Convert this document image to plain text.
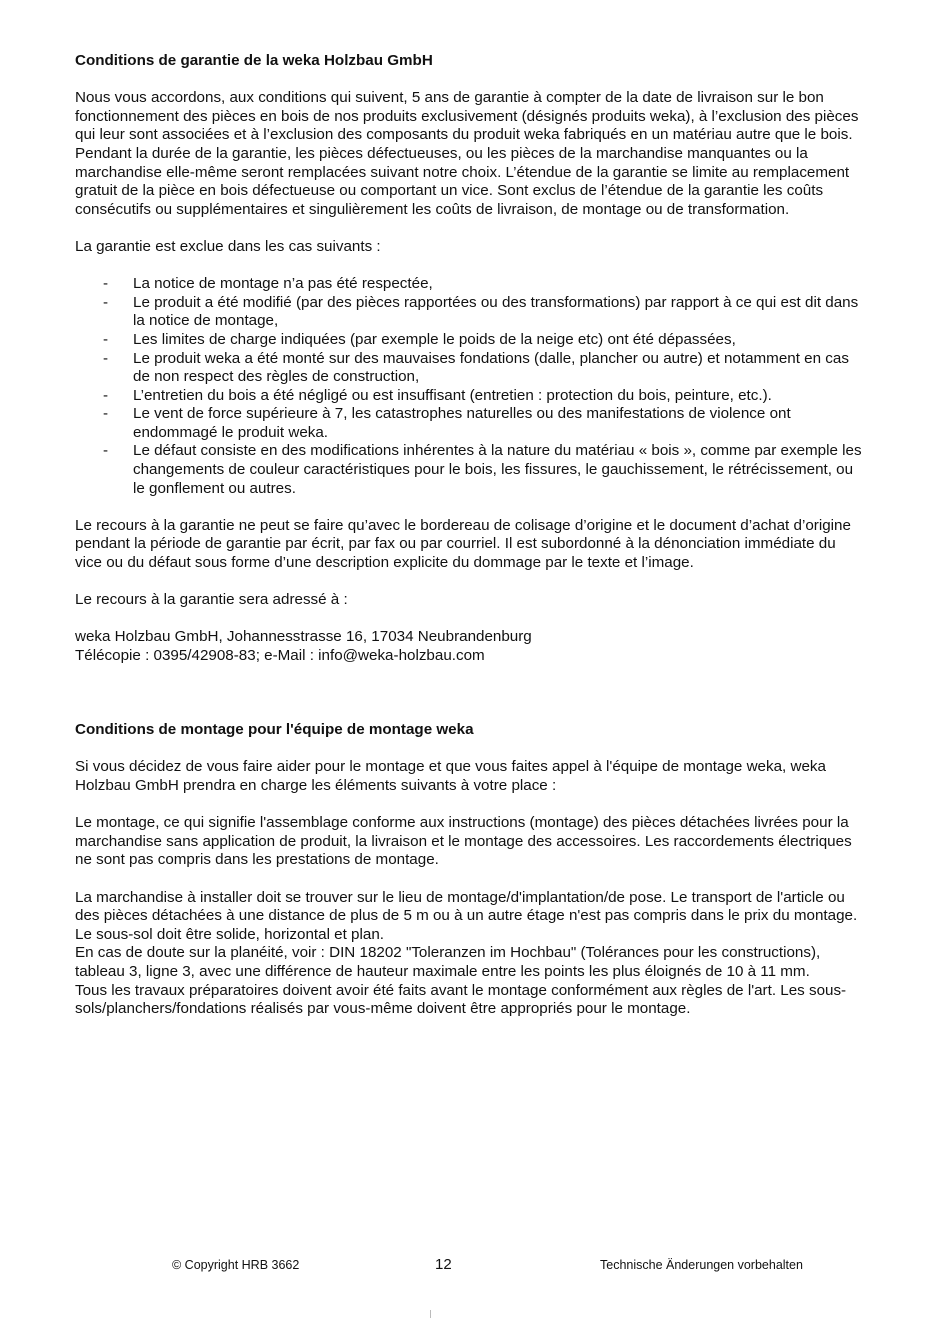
Conditions de garantie de la weka Holzbau GmbH

Nous vous accordons, aux conditions qui suivent, 5 ans de garantie à compter de la date de livraison sur le bon fonctionnement des pièces en bois de nos produits exclusivement (désignés produits weka), à l’exclusion des pièces qui leur sont associées et à l’exclusion des composants du produit weka fabriqués en un matériau autre que le bois. Pendant la durée de la garantie, les pièces défectueuses, ou les pièces de la marchandise manquantes ou la marchandise elle-même seront remplacées suivant notre choix. L’étendue de la garantie se limite au remplacement gratuit de la pièce en bois défectueuse ou comportant un vice. Sont exclus de l’étendue de la garantie les coûts consécutifs ou supplémentaires et singulièrement les coûts de livraison, de montage ou de transformation.

La garantie est exclue dans les cas suivants :

- La notice de montage n’a pas été respectée,
- Le produit a été modifié (par des pièces rapportées ou des transformations) par rapport à ce qui est dit dans la notice de montage,
- Les limites de charge indiquées (par exemple le poids de la neige etc) ont été dépassées,
- Le produit weka a été monté sur des mauvaises fondations (dalle, plancher ou autre) et notamment en cas de non respect des règles de construction,
- L’entretien du bois a été négligé ou est insuffisant (entretien : protection du bois, peinture, etc.).
- Le vent de force supérieure à 7, les catastrophes naturelles ou des manifestations de violence ont endommagé le produit weka.
- Le défaut consiste en des modifications inhérentes à la nature du matériau « bois », comme par exemple les changements de couleur caractéristiques pour le bois, les fissures, le gauchissement, le rétrécissement, ou le gonflement ou autres.

Le recours à la garantie ne peut se faire qu’avec le bordereau de colisage d’origine et le document d’achat d’origine pendant la période de garantie par écrit, par fax ou par courriel. Il est subordonné à la dénonciation immédiate du vice ou du défaut sous forme d’une description explicite du dommage par le texte et l’image.

Le recours à la garantie sera adressé à :

weka Holzbau GmbH, Johannesstrasse 16, 17034 Neubrandenburg
Télécopie : 0395/42908-83; e-Mail : info@weka-holzbau.com

Conditions de montage pour l'équipe de montage weka

Si vous décidez de vous faire aider pour le montage et que vous faites appel à l'équipe de montage weka, weka Holzbau GmbH prendra en charge les éléments suivants à votre place :

Le montage, ce qui signifie l'assemblage conforme aux instructions (montage) des pièces détachées livrées pour la marchandise sans application de produit, la livraison et le montage des accessoires. Les raccordements électriques ne sont pas compris dans les prestations de montage.

La marchandise à installer doit se trouver sur le lieu de montage/d'implantation/de pose. Le transport de l'article ou des pièces détachées à une distance de plus de 5 m ou à un autre étage n'est pas compris dans le prix du montage. Le sous-sol doit être solide, horizontal et plan.
En cas de doute sur la planéité, voir : DIN 18202 "Toleranzen im Hochbau" (Tolérances pour les constructions), tableau 3, ligne 3, avec une différence de hauteur maximale entre les points les plus éloignés de 10 à 11 mm.
Tous les travaux préparatoires doivent avoir été faits avant le montage conformément aux règles de l'art. Les sous-sols/planchers/fondations réalisés par vous-même doivent être appropriés pour le montage.

© Copyright HRB 3662	12	Technische Änderungen vorbehalten
